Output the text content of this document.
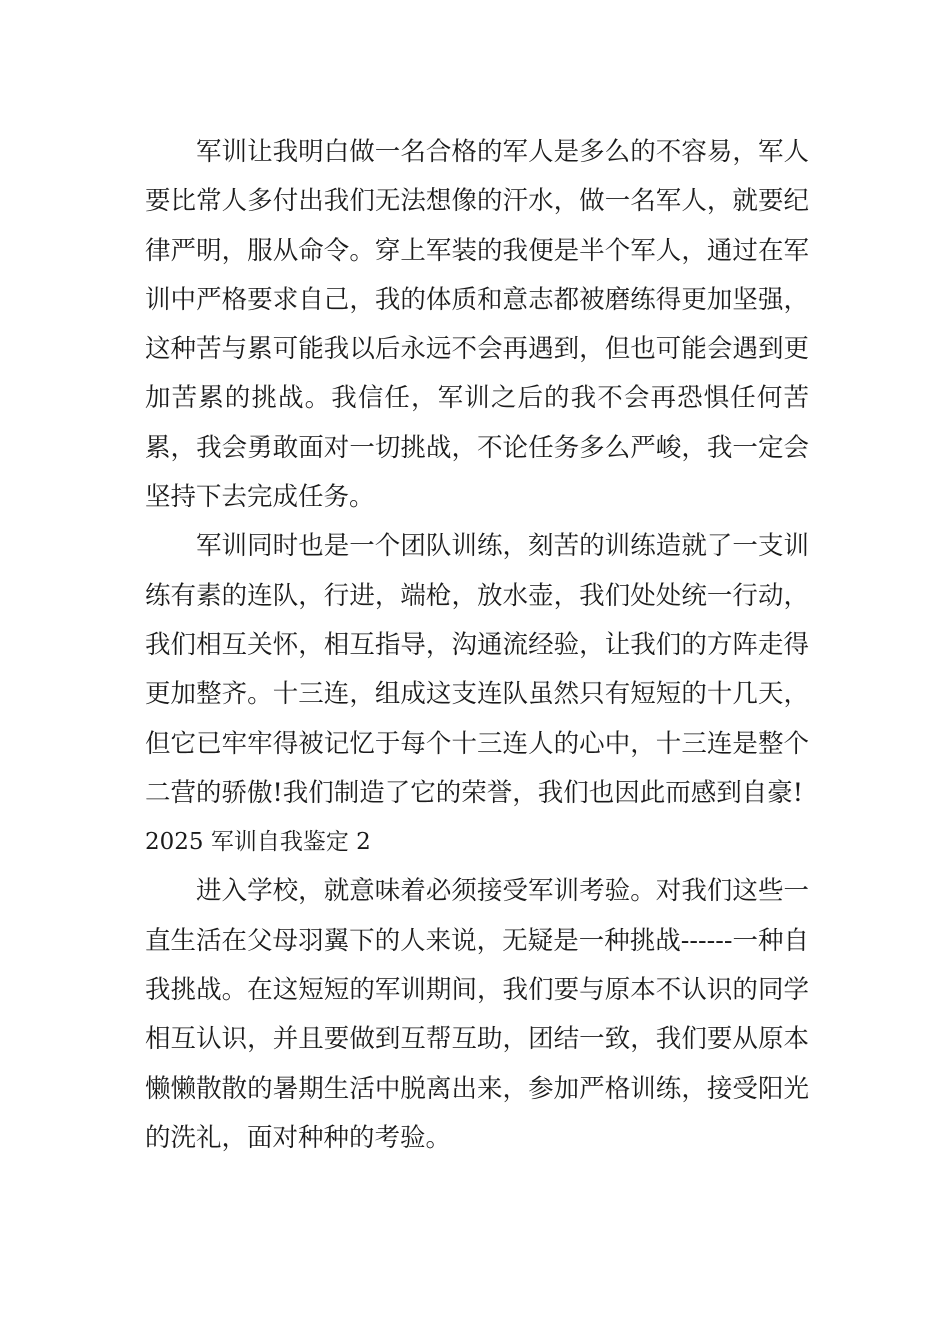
军训让我明白做一名合格的军人是多么的不容易，军人要比常人多付出我们无法想像的汗水，做一名军人，就要纪律严明，服从命令。穿上军装的我便是半个军人，通过在军训中严格要求自己，我的体质和意志都被磨练得更加坚强，这种苦与累可能我以后永远不会再遇到，但也可能会遇到更加苦累的挑战。我信任，军训之后的我不会再恐惧任何苦累，我会勇敢面对一切挑战，不论任务多么严峻，我一定会坚持下去完成任务。

军训同时也是一个团队训练，刻苦的训练造就了一支训练有素的连队，行进，端枪，放水壶，我们处处统一行动，我们相互关怀，相互指导，沟通流经验，让我们的方阵走得更加整齐。十三连，组成这支连队虽然只有短短的十几天，但它已牢牢得被记忆于每个十三连人的心中，十三连是整个二营的骄傲!我们制造了它的荣誉，我们也因此而感到自豪!

2025 军训自我鉴定 2

进入学校，就意味着必须接受军训考验。对我们这些一直生活在父母羽翼下的人来说，无疑是一种挑战------一种自我挑战。在这短短的军训期间，我们要与原本不认识的同学相互认识，并且要做到互帮互助，团结一致，我们要从原本懒懒散散的暑期生活中脱离出来，参加严格训练，接受阳光的洗礼，面对种种的考验。
